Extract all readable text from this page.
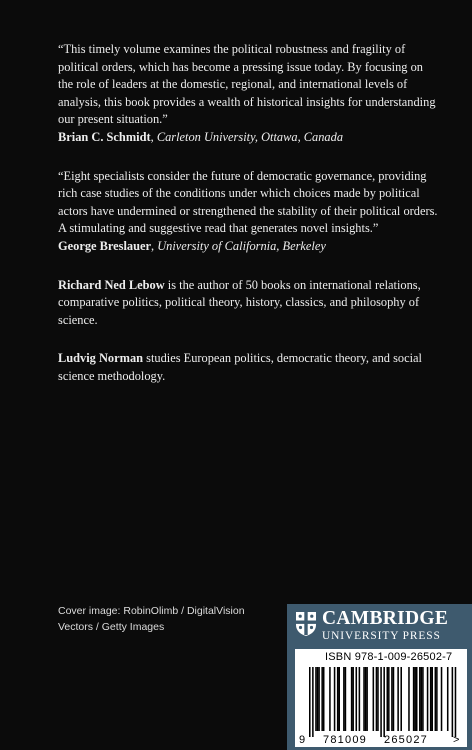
“This timely volume examines the political robustness and fragility of political orders, which has become a pressing issue today. By focusing on the role of leaders at the domestic, regional, and international levels of analysis, this book provides a wealth of historical insights for understanding our present situation.”

Brian C. Schmidt, Carleton University, Ottawa, Canada

“Eight specialists consider the future of democratic governance, providing rich case studies of the conditions under which choices made by political actors have undermined or strengthened the stability of their political orders. A stimulating and suggestive read that generates novel insights.”

George Breslauer, University of California, Berkeley

Richard Ned Lebow is the author of 50 books on international relations, comparative politics, political theory, history, classics, and philosophy of science.

Ludvig Norman studies European politics, democratic theory, and social science methodology.

Cover image: RobinOlimb / DigitalVision Vectors / Getty Images	CAMBRIDGE
UNIVERSITY PRESS
ISBN 978-1-009-26502-7
9 781009 265027 >
